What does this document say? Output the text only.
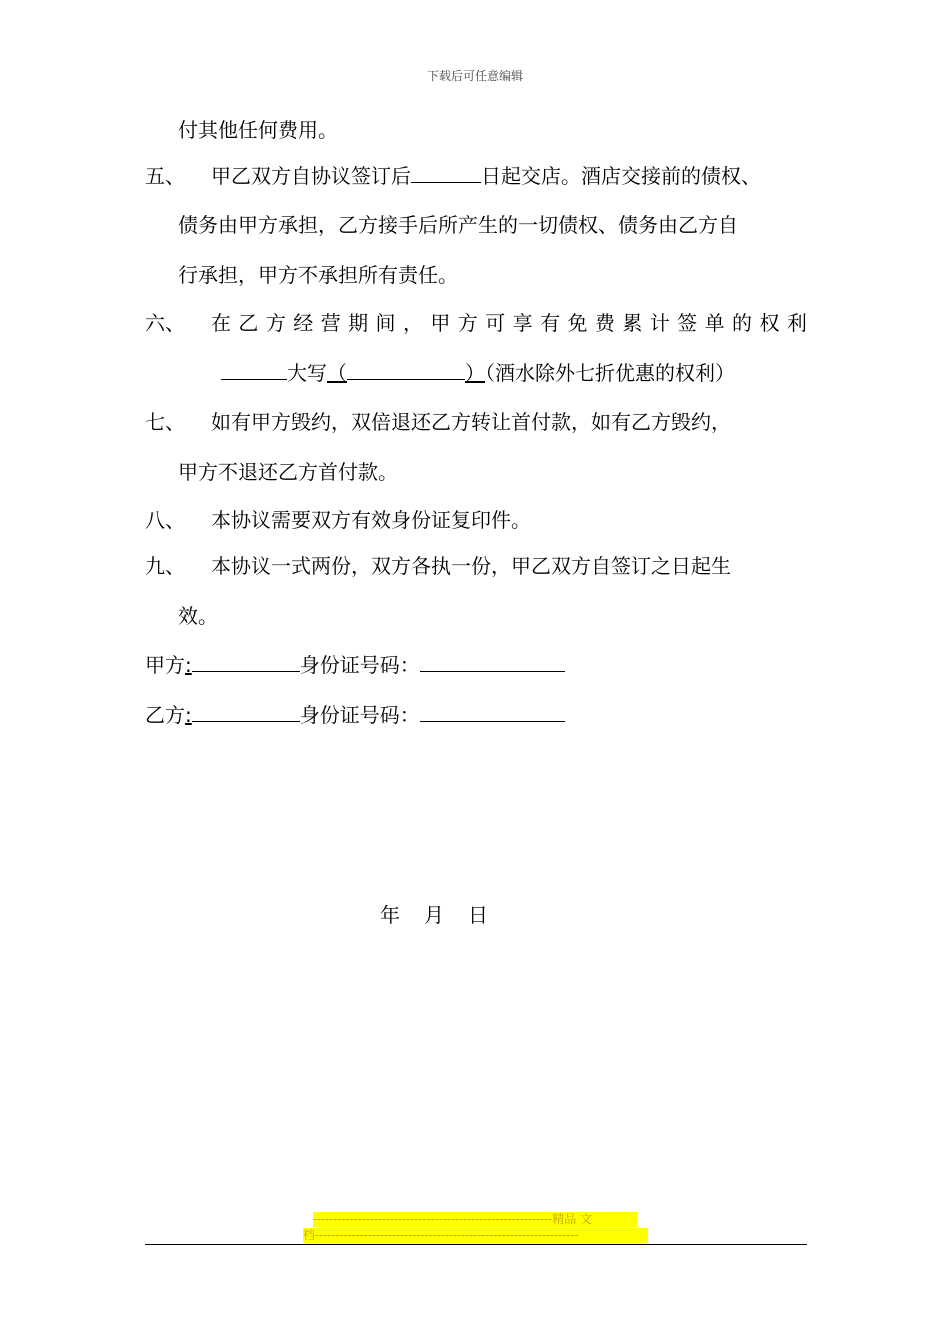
下载后可任意编辑
付其他任何费用。
五、 甲乙双方自协议签订后	日起交店。酒店交接前的债权、
债务由甲方承担，乙方接手后所产生的一切债权、债务由乙方自
行承担，甲方不承担所有责任。
六、 在 乙 方 经 营 期 间 ， 甲 方 可 享 有 免 费 累 计 签 单 的 权 利
大写（	）（酒水除外七折优惠的权利）
七、 如有甲方毁约，双倍退还乙方转让首付款，如有乙方毁约，
甲方不退还乙方首付款。
八、 本协议需要双方有效身份证复印件。
九、 本协议一式两份，双方各执一份，甲乙双方自签订之日起生
效。
甲方:	身份证号码：
乙方:	身份证号码：
年 月 日
-----------------------------------------------------------精品 文
档-----------------------------------------------------------------
